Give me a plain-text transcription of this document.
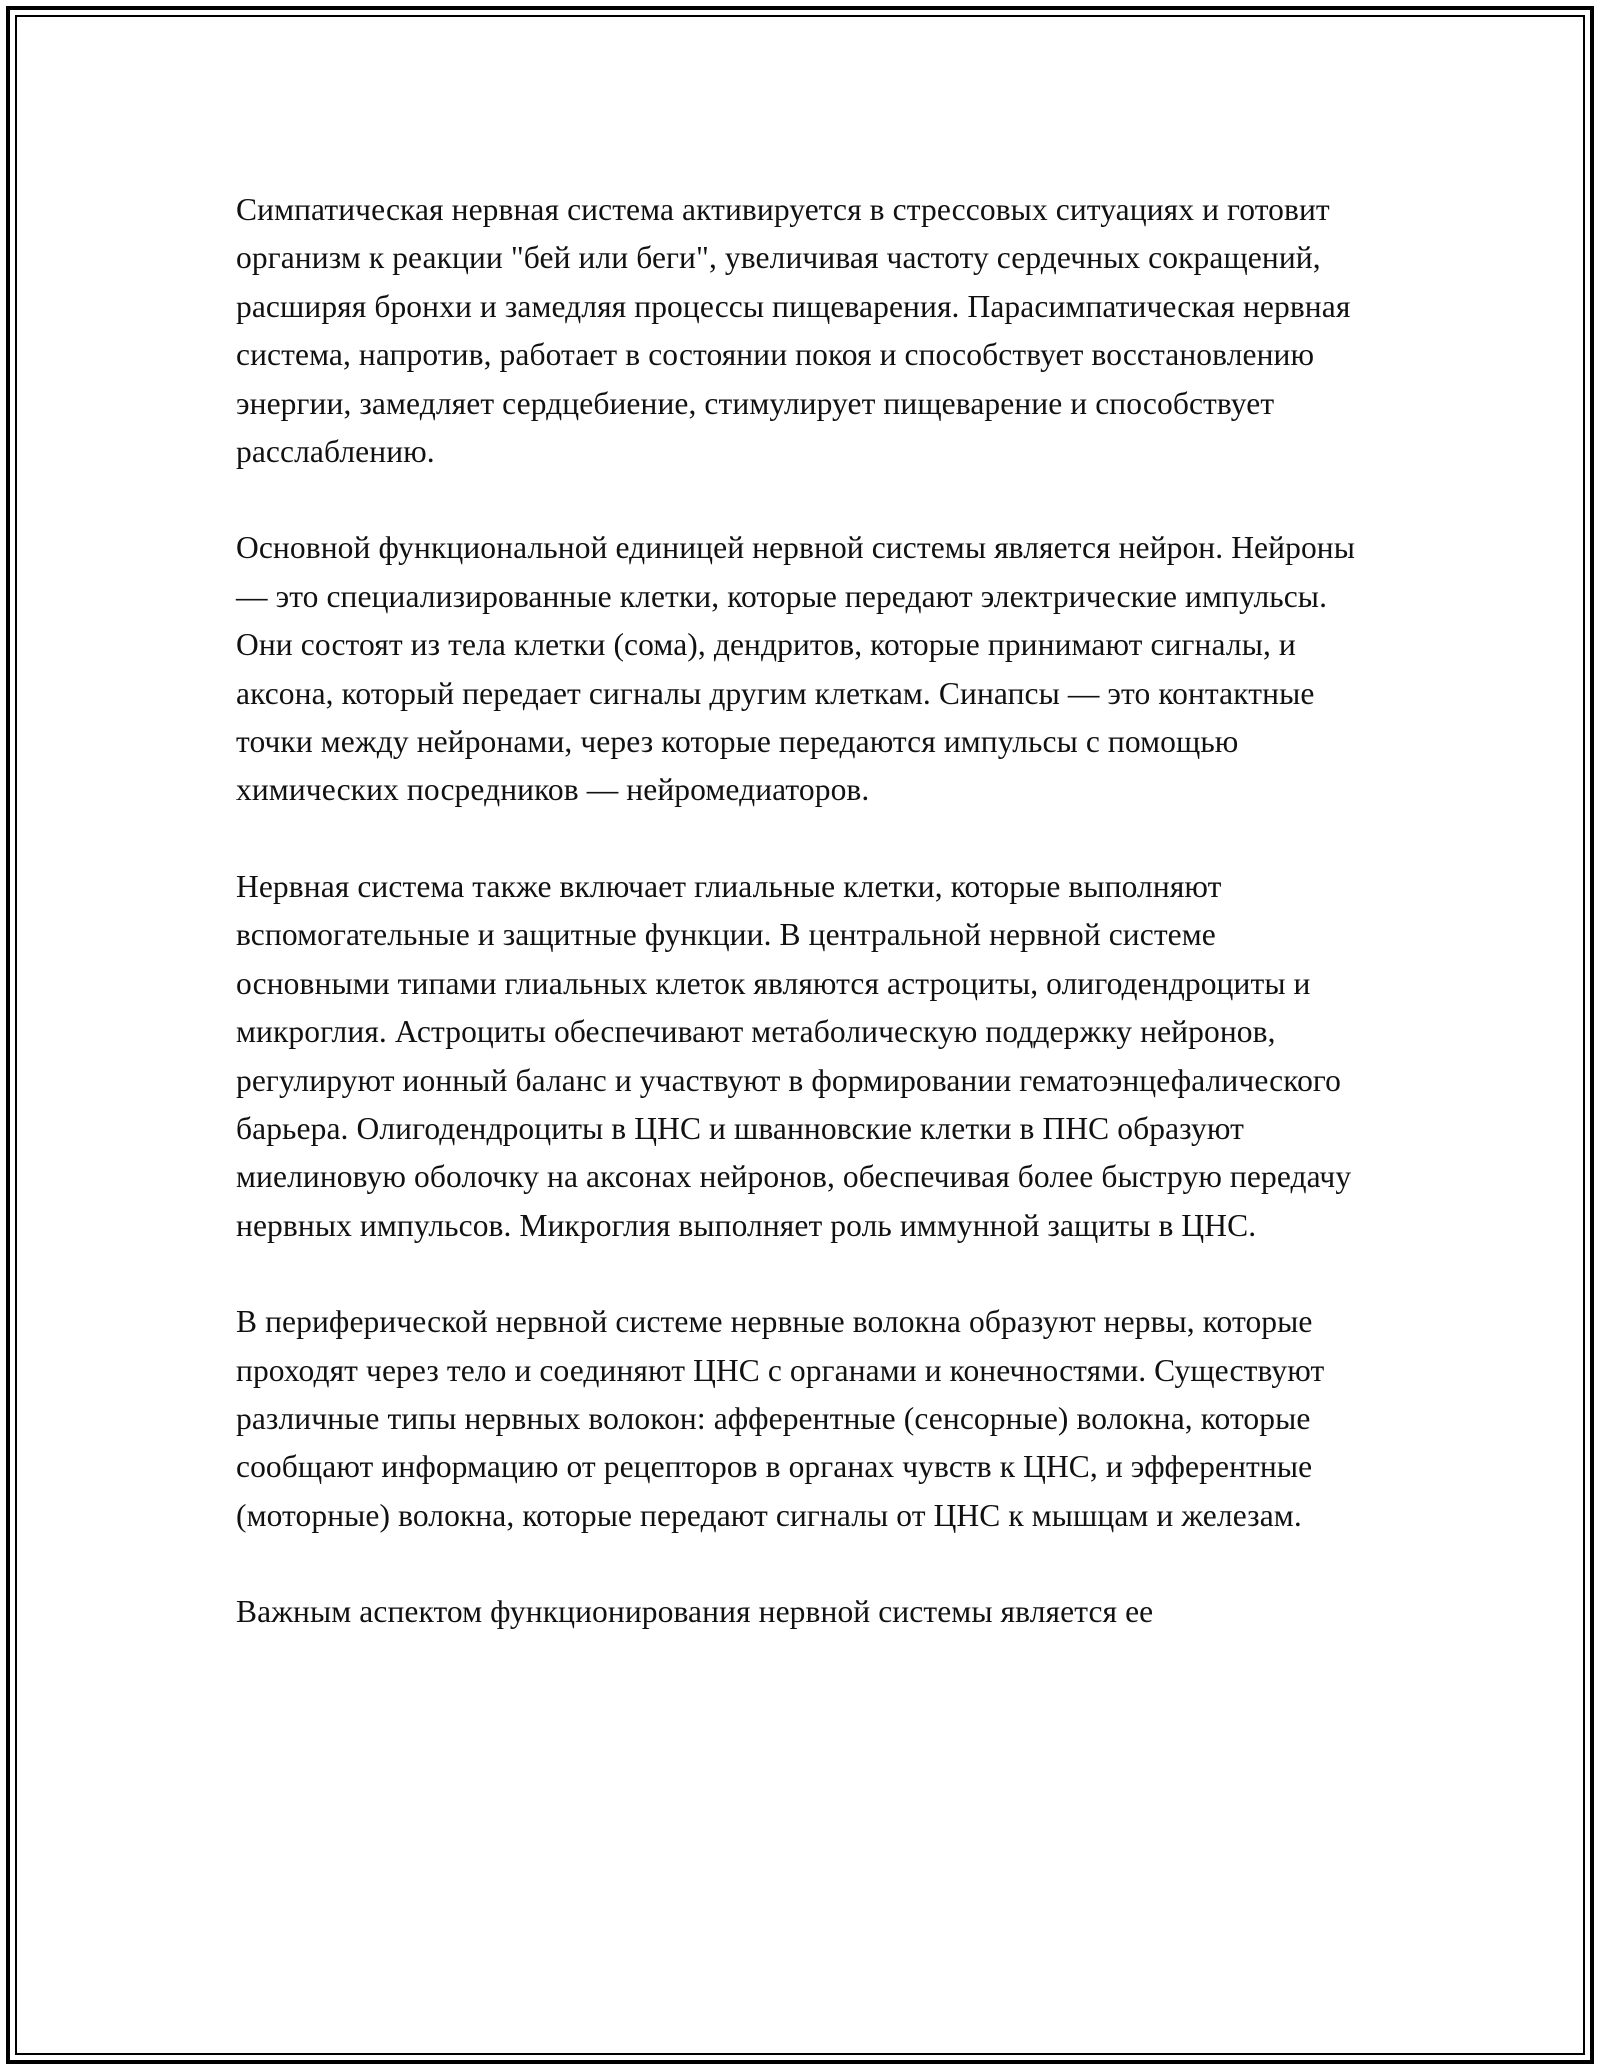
Симпатическая нервная система активируется в стрессовых ситуациях и готовит организм к реакции "бей или беги", увеличивая частоту сердечных сокращений, расширяя бронхи и замедляя процессы пищеварения. Парасимпатическая нервная система, напротив, работает в состоянии покоя и способствует восстановлению энергии, замедляет сердцебиение, стимулирует пищеварение и способствует расслаблению.

Основной функциональной единицей нервной системы является нейрон. Нейроны — это специализированные клетки, которые передают электрические импульсы. Они состоят из тела клетки (сома), дендритов, которые принимают сигналы, и аксона, который передает сигналы другим клеткам. Синапсы — это контактные точки между нейронами, через которые передаются импульсы с помощью химических посредников — нейромедиаторов.

Нервная система также включает глиальные клетки, которые выполняют вспомогательные и защитные функции. В центральной нервной системе основными типами глиальных клеток являются астроциты, олигодендроциты и микроглия. Астроциты обеспечивают метаболическую поддержку нейронов, регулируют ионный баланс и участвуют в формировании гематоэнцефалического барьера. Олигодендроциты в ЦНС и шванновские клетки в ПНС образуют миелиновую оболочку на аксонах нейронов, обеспечивая более быструю передачу нервных импульсов. Микроглия выполняет роль иммунной защиты в ЦНС.

В периферической нервной системе нервные волокна образуют нервы, которые проходят через тело и соединяют ЦНС с органами и конечностями. Существуют различные типы нервных волокон: афферентные (сенсорные) волокна, которые сообщают информацию от рецепторов в органах чувств к ЦНС, и эфферентные (моторные) волокна, которые передают сигналы от ЦНС к мышцам и железам.

Важным аспектом функционирования нервной системы является ее
